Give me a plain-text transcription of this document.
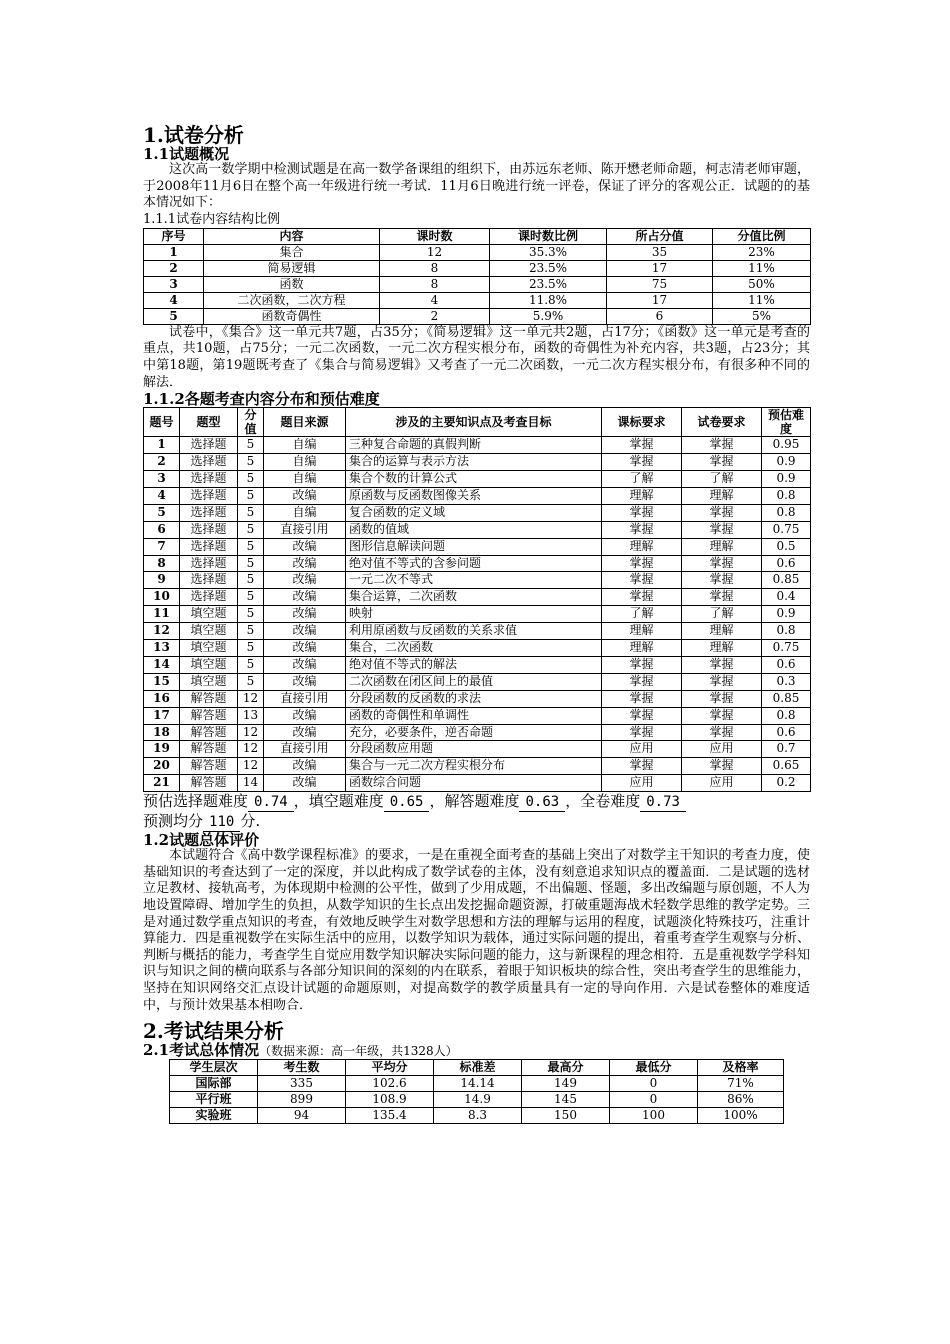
1.试卷分析
1.1试题概况

这次高一数学期中检测试题是在高一数学备课组的组织下，由苏远东老师、陈开懋老师命题，柯志清老师审题，于2008年11月6日在整个高一年级进行统一考试．11月6日晚进行统一评卷，保证了评分的客观公正．试题的的基本情况如下：

1.1.1试卷内容结构比例
序号	内容	课时数	课时数比例	所占分值	分值比例
1	集合	12	35.3%	35	23%
2	简易逻辑	8	23.5%	17	11%
3	函数	8	23.5%	75	50%
4	二次函数，二次方程	4	11.8%	17	11%
5	函数奇偶性	2	5.9%	6	5%

试卷中，《集合》这一单元共7题，占35分；《简易逻辑》这一单元共2题，占17分；《函数》这一单元是考查的重点，共10题，占75分；一元二次函数，一元二次方程实根分布，函数的奇偶性为补充内容，共3题，占23分；其中第18题，第19题既考查了《集合与简易逻辑》又考查了一元二次函数，一元二次方程实根分布，有很多种不同的解法．

1.1.2各题考查内容分布和预估难度
题号	题型	分值	题目来源	涉及的主要知识点及考查目标	课标要求	试卷要求	预估难度
1	选择题	5	自编	三种复合命题的真假判断	掌握	掌握	0.95
2	选择题	5	自编	集合的运算与表示方法	掌握	掌握	0.9
3	选择题	5	自编	集合个数的计算公式	了解	了解	0.9
4	选择题	5	改编	原函数与反函数图像关系	理解	理解	0.8
5	选择题	5	自编	复合函数的定义域	掌握	掌握	0.8
6	选择题	5	直接引用	函数的值域	掌握	掌握	0.75
7	选择题	5	改编	图形信息解读问题	理解	理解	0.5
8	选择题	5	改编	绝对值不等式的含参问题	掌握	掌握	0.6
9	选择题	5	改编	一元二次不等式	掌握	掌握	0.85
10	选择题	5	改编	集合运算，二次函数	掌握	掌握	0.4
11	填空题	5	改编	映射	了解	了解	0.9
12	填空题	5	改编	利用原函数与反函数的关系求值	理解	理解	0.8
13	填空题	5	改编	集合，二次函数	理解	理解	0.75
14	填空题	5	改编	绝对值不等式的解法	掌握	掌握	0.6
15	填空题	5	改编	二次函数在闭区间上的最值	掌握	掌握	0.3
16	解答题	12	直接引用	分段函数的反函数的求法	掌握	掌握	0.85
17	解答题	13	改编	函数的奇偶性和单调性	掌握	掌握	0.8
18	解答题	12	改编	充分，必要条件，逆否命题	掌握	掌握	0.6
19	解答题	12	直接引用	分段函数应用题	应用	应用	0.7
20	解答题	12	改编	集合与一元二次方程实根分布	掌握	掌握	0.65
21	解答题	14	改编	函数综合问题	应用	应用	0.2

预估选择题难度 0.74 ，填空题难度 0.65 ，解答题难度 0.63 ，全卷难度 0.73

预测均分 110 分.

1.2试题总体评价

本试题符合《高中数学课程标准》的要求，一是在重视全面考查的基础上突出了对数学主干知识的考查力度，使基础知识的考查达到了一定的深度，并以此构成了数学试卷的主体，没有刻意追求知识点的覆盖面．二是试题的选材立足教材、接轨高考，为体现期中检测的公平性，做到了少用成题，不出偏题、怪题，多出改编题与原创题，不人为地设置障碍、增加学生的负担，从数学知识的生长点出发挖掘命题资源，打破重题海战术轻数学思维的教学定势。三是对通过数学重点知识的考查，有效地反映学生对数学思想和方法的理解与运用的程度，试题淡化特殊技巧，注重计算能力．四是重视数学在实际生活中的应用，以数学知识为载体，通过实际问题的提出，着重考查学生观察与分析、判断与概括的能力，考查学生自觉应用数学知识解决实际问题的能力，这与新课程的理念相符．五是重视数学学科知识与知识之间的横向联系与各部分知识间的深刻的内在联系，着眼于知识板块的综合性，突出考查学生的思维能力，坚持在知识网络交汇点设计试题的命题原则，对提高数学的教学质量具有一定的导向作用．六是试卷整体的难度适中，与预计效果基本相吻合．

2.考试结果分析
2.1考试总体情况（数据来源：高一年级，共1328人）
学生层次	考生数	平均分	标准差	最高分	最低分	及格率
国际部	335	102.6	14.14	149	0	71%
平行班	899	108.9	14.9	145	0	86%
实验班	94	135.4	8.3	150	100	100%
